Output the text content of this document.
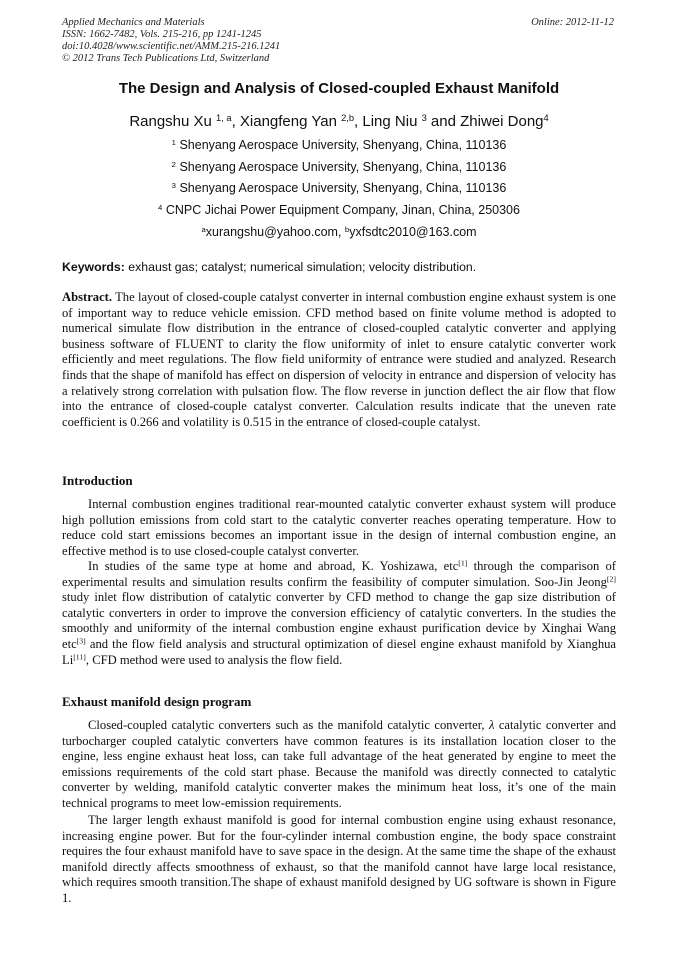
Applied Mechanics and Materials
ISSN: 1662-7482, Vols. 215-216, pp 1241-1245
doi:10.4028/www.scientific.net/AMM.215-216.1241
© 2012 Trans Tech Publications Ltd, Switzerland
Online: 2012-11-12
The Design and Analysis of Closed-coupled Exhaust Manifold
Rangshu Xu $^{1, a}$, Xiangfeng Yan $^{2,b}$, Ling Niu $^3$ and Zhiwei Dong$^4$
$^1$ Shenyang Aerospace University, Shenyang, China, 110136
$^2$ Shenyang Aerospace University, Shenyang, China, 110136
$^3$ Shenyang Aerospace University, Shenyang, China, 110136
$^4$ CNPC Jichai Power Equipment Company, Jinan, China, 250306
$^a$xurangshu@yahoo.com, $^b$yxfsdtc2010@163.com
Keywords: exhaust gas; catalyst; numerical simulation; velocity distribution.

Abstract. The layout of closed-couple catalyst converter in internal combustion engine exhaust system is one of important way to reduce vehicle emission. CFD method based on finite volume method is adopted to numerical simulate flow distribution in the entrance of closed-coupled catalytic converter and applying business software of FLUENT to clarity the flow uniformity of inlet to ensure catalytic converter work efficiently and meet regulations. The flow field uniformity of entrance were studied and analyzed. Research finds that the shape of manifold has effect on dispersion of velocity in entrance and dispersion of velocity has a relatively strong correlation with pulsation flow. The flow reverse in junction deflect the air flow that flow into the entrance of closed-couple catalyst converter. Calculation results indicate that the uneven rate coefficient is 0.266 and volatility is 0.515 in the entrance of closed-couple catalyst.

Introduction

Internal combustion engines traditional rear-mounted catalytic converter exhaust system will produce high pollution emissions from cold start to the catalytic converter reaches operating temperature. How to reduce cold start emissions becomes an important issue in the design of internal combustion engine, an effective method is to use closed-couple catalyst converter.

In studies of the same type at home and abroad, K. Yoshizawa, etc[1] through the comparison of experimental results and simulation results confirm the feasibility of computer simulation. Soo-Jin Jeong[2] study inlet flow distribution of catalytic converter by CFD method to change the gap size distribution of catalytic converters in order to improve the conversion efficiency of catalytic converters. In the studies the smoothly and uniformity of the internal combustion engine exhaust purification device by Xinghai Wang etc[3] and the flow field analysis and structural optimization of diesel engine exhaust manifold by Xianghua Li[11], CFD method were used to analysis the flow field.

Exhaust manifold design program

Closed-coupled catalytic converters such as the manifold catalytic converter, λ catalytic converter and turbocharger coupled catalytic converters have common features is its installation location closer to the engine, less engine exhaust heat loss, can take full advantage of the heat generated by engine to meet the emissions requirements of the cold start phase. Because the manifold was directly connected to catalytic converter by welding, manifold catalytic converter makes the minimum heat loss, it’s one of the main technical programs to meet low-emission requirements.

The larger length exhaust manifold is good for internal combustion engine using exhaust resonance, increasing engine power. But for the four-cylinder internal combustion engine, the body space constraint requires the four exhaust manifold have to save space in the design. At the same time the shape of the exhaust manifold directly affects smoothness of exhaust, so that the manifold cannot have large local resistance, which requires smooth transition.The shape of exhaust manifold designed by UG software is shown in Figure 1.
